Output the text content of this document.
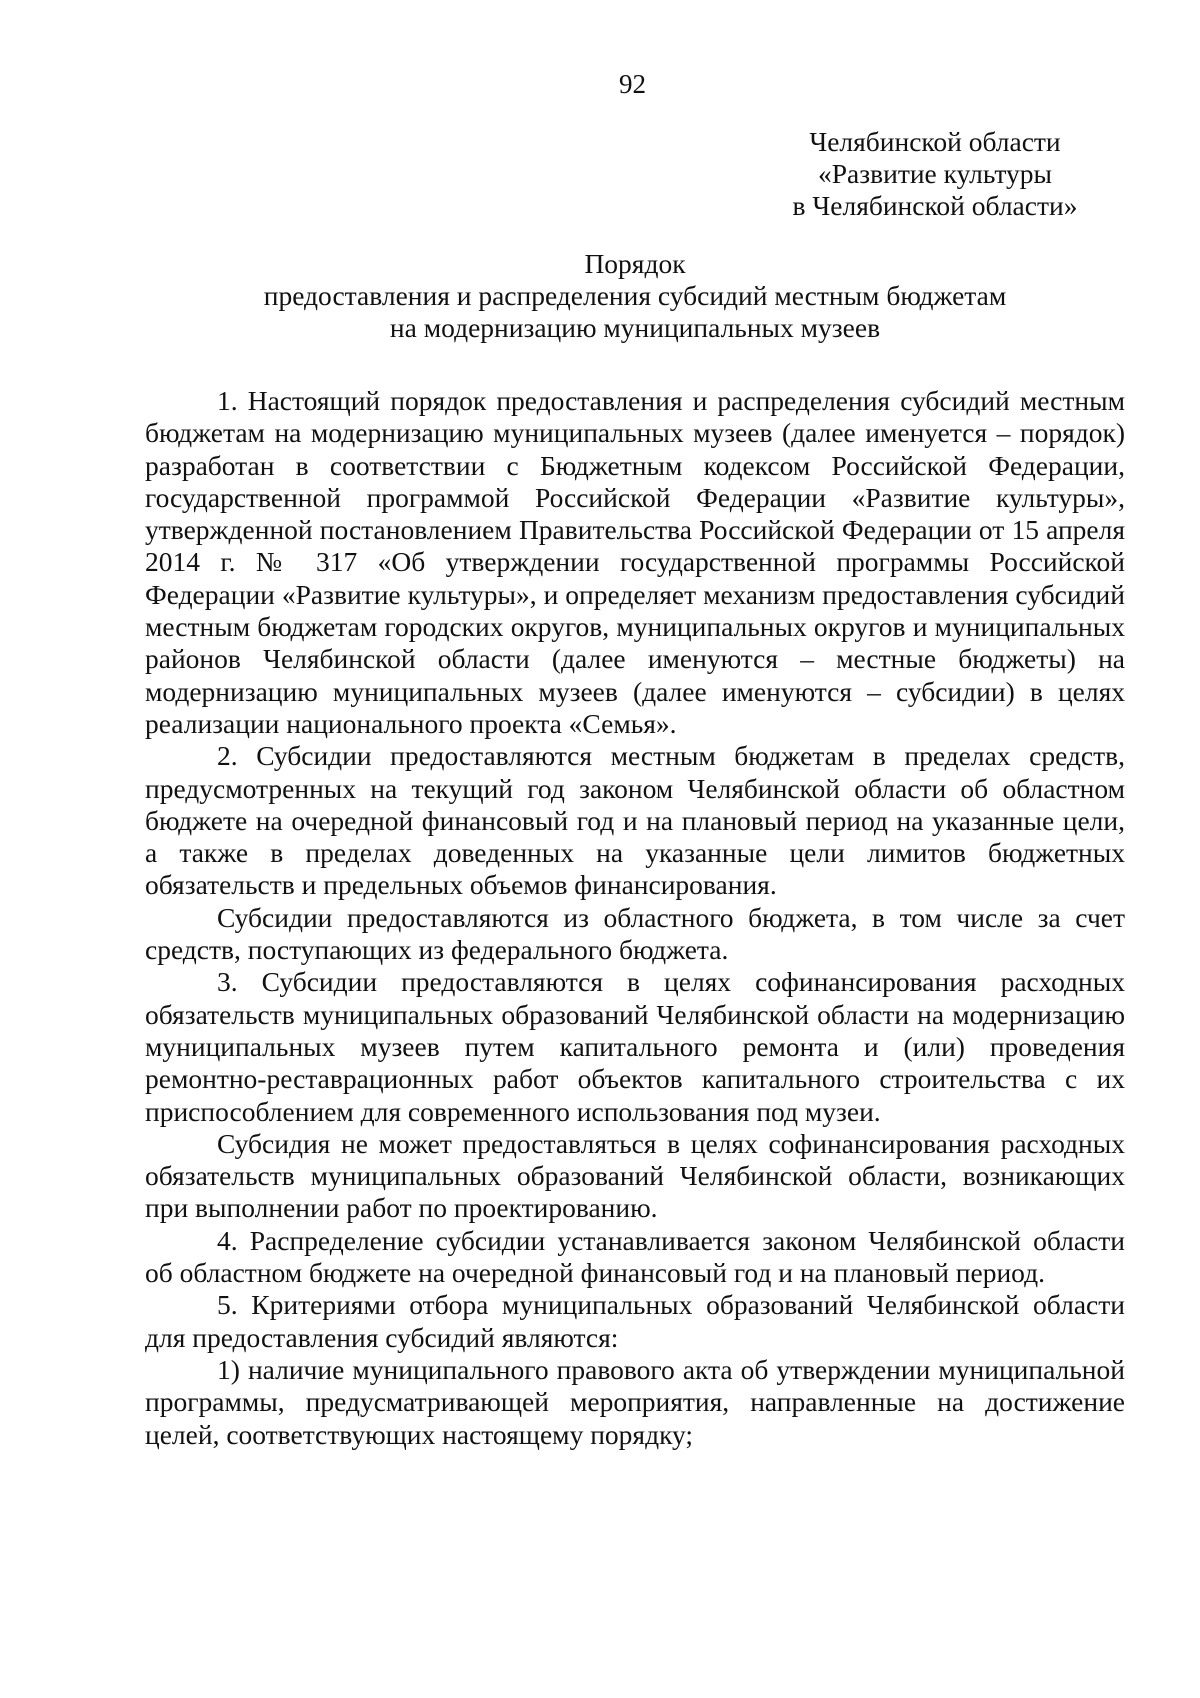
92
Челябинской области
«Развитие культуры
в Челябинской области»
Порядок
предоставления и распределения субсидий местным бюджетам
на модернизацию муниципальных музеев

1. Настоящий порядок предоставления и распределения субсидий местным бюджетам на модернизацию муниципальных музеев (далее именуется – порядок) разработан в соответствии с Бюджетным кодексом Российской Федерации, государственной программой Российской Федерации «Развитие культуры», утвержденной постановлением Правительства Российской Федерации от 15 апреля 2014 г. № 317 «Об утверждении государственной программы Российской Федерации «Развитие культуры», и определяет механизм предоставления субсидий местным бюджетам городских округов, муниципальных округов и муниципальных районов Челябинской области (далее именуются – местные бюджеты) на модернизацию муниципальных музеев (далее именуются – субсидии) в целях реализации национального проекта «Семья».

2. Субсидии предоставляются местным бюджетам в пределах средств, предусмотренных на текущий год законом Челябинской области об областном бюджете на очередной финансовый год и на плановый период на указанные цели, а также в пределах доведенных на указанные цели лимитов бюджетных обязательств и предельных объемов финансирования.

Субсидии предоставляются из областного бюджета, в том числе за счет средств, поступающих из федерального бюджета.

3. Субсидии предоставляются в целях софинансирования расходных обязательств муниципальных образований Челябинской области на модернизацию муниципальных музеев путем капитального ремонта и (или) проведения ремонтно-реставрационных работ объектов капитального строительства с их приспособлением для современного использования под музеи.

Субсидия не может предоставляться в целях софинансирования расходных обязательств муниципальных образований Челябинской области, возникающих при выполнении работ по проектированию.

4. Распределение субсидии устанавливается законом Челябинской области об областном бюджете на очередной финансовый год и на плановый период.

5. Критериями отбора муниципальных образований Челябинской области для предоставления субсидий являются:

1) наличие муниципального правового акта об утверждении муниципальной программы, предусматривающей мероприятия, направленные на достижение целей, соответствующих настоящему порядку;
